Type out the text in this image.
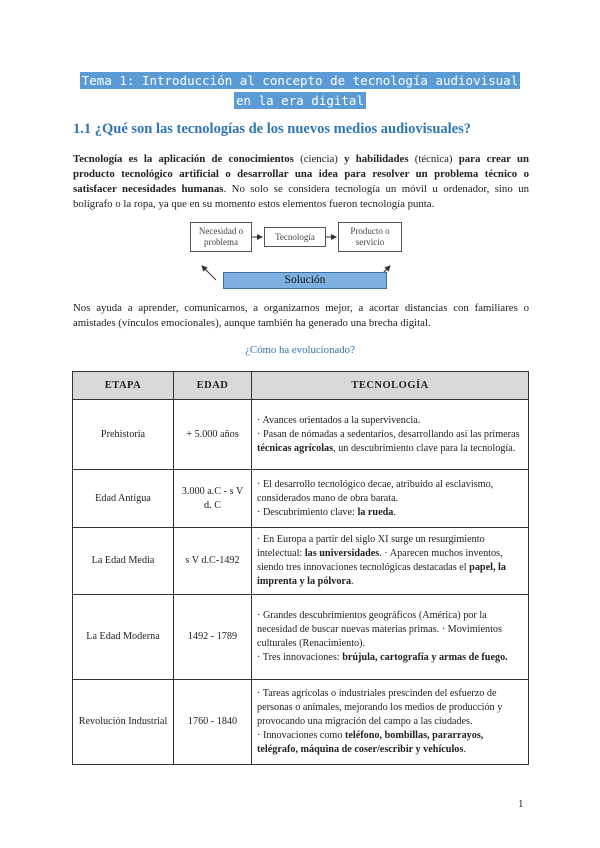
Tema 1: Introducción al concepto de tecnología audiovisual
en la era digital
1.1 ¿Qué son las tecnologías de los nuevos medios audiovisuales?
Tecnología es la aplicación de conocimientos (ciencia) y habilidades (técnica) para crear un producto tecnológico artificial o desarrollar una idea para resolver un problema técnico o satisfacer necesidades humanas. No solo se considera tecnología un móvil u ordenador, sino un bolígrafo o la ropa, ya que en su momento estos elementos fueron tecnología punta.
Necesidad o problema
Tecnología
Producto o servicio
Solución
Nos ayuda a aprender, comunicarnos, a organizarnos mejor, a acortar distancias con familiares o amistades (vínculos emocionales), aunque también ha generado una brecha digital.
¿Cómo ha evolucionado?
ETAPA	EDAD	TECNOLOGÍA
Prehistoria	+ 5.000 años	· Avances orientados a la supervivencia.
· Pasan de nómadas a sedentarios, desarrollando así las primeras técnicas agrícolas, un descubrimiento clave para la tecnología.

Edad Antigua	3.000 a.C - s V d. C	· El desarrollo tecnológico decae, atribuido al esclavismo, considerados mano de obra barata.
· Descubrimiento clave: la rueda.

La Edad Media	s V d.C-1492	· En Europa a partir del siglo XI surge un resurgimiento intelectual: las universidades. · Aparecen muchos inventos, siendo tres innovaciones tecnológicas destacadas el papel, la imprenta y la pólvora.

La Edad Moderna	1492 - 1789	· Grandes descubrimientos geográficos (América) por la necesidad de buscar nuevas materias primas. · Movimientos culturales (Renacimiento).
· Tres innovaciones: brújula, cartografía y armas de fuego.

Revolución Industrial	1760 - 1840	· Tareas agrícolas o industriales prescinden del esfuerzo de personas o animales, mejorando los medios de producción y provocando una migración del campo a las ciudades.
· Innovaciones como teléfono, bombillas, pararrayos, telégrafo, máquina de coser/escribir y vehículos.
1
